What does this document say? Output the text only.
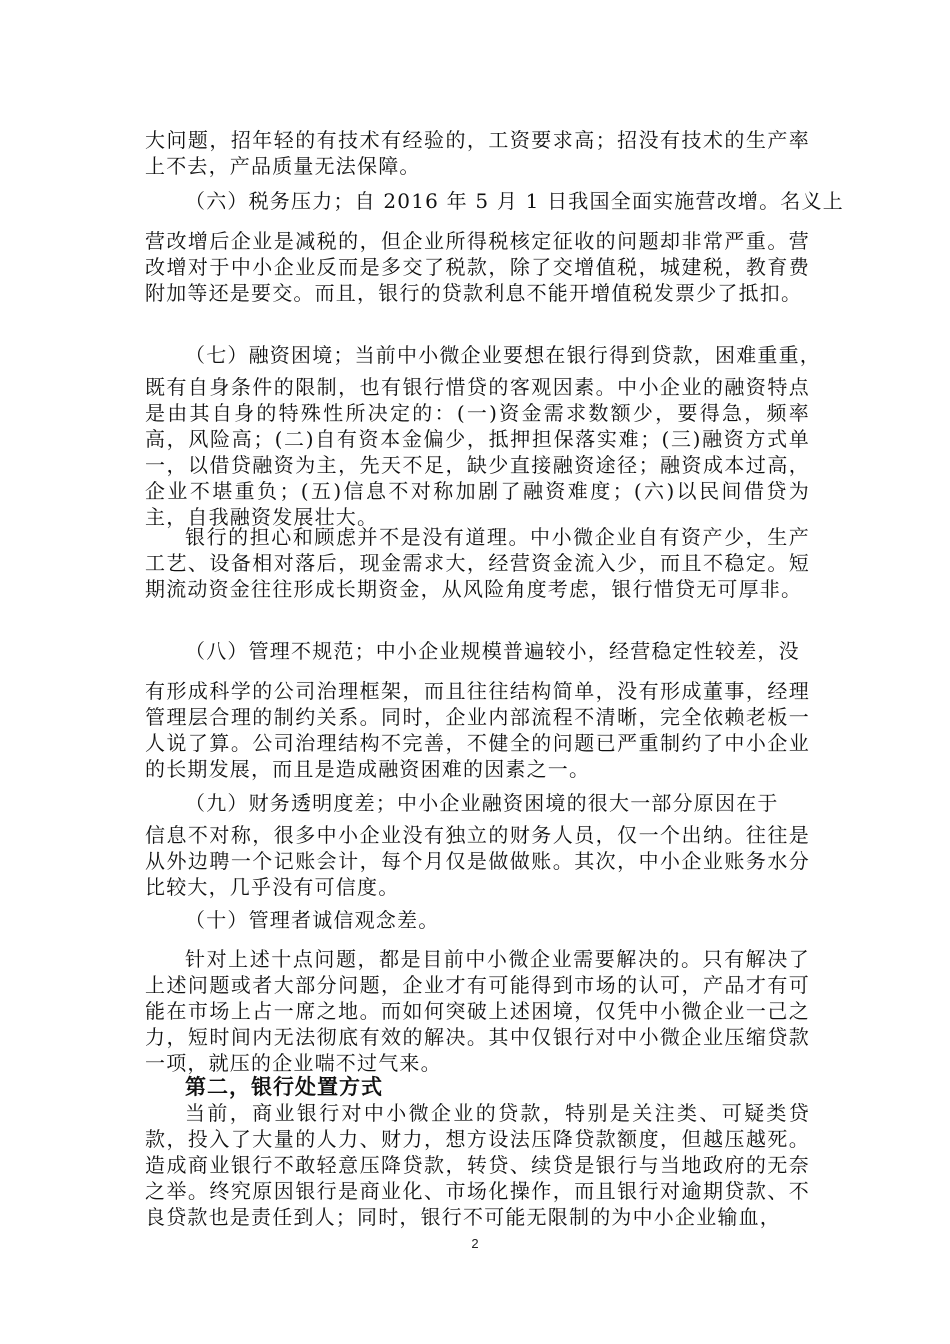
大问题，招年轻的有技术有经验的，工资要求高；招没有技术的生产率上不去，产品质量无法保障。

（六）税务压力；自 2016 年 5 月 1 日我国全面实施营改增。名义上

营改增后企业是减税的，但企业所得税核定征收的问题却非常严重。营改增对于中小企业反而是多交了税款，除了交增值税，城建税，教育费附加等还是要交。而且，银行的贷款利息不能开增值税发票少了抵扣。

（七）融资困境；当前中小微企业要想在银行得到贷款，困难重重，

既有自身条件的限制，也有银行惜贷的客观因素。中小企业的融资特点是由其自身的特殊性所决定的：(一)资金需求数额少，要得急，频率高，风险高；(二)自有资本金偏少，抵押担保落实难；(三)融资方式单一，以借贷融资为主，先天不足，缺少直接融资途径；融资成本过高，企业不堪重负；(五)信息不对称加剧了融资难度；(六)以民间借贷为主，自我融资发展壮大。

银行的担心和顾虑并不是没有道理。中小微企业自有资产少，生产工艺、设备相对落后，现金需求大，经营资金流入少，而且不稳定。短期流动资金往往形成长期资金，从风险角度考虑，银行惜贷无可厚非。

（八）管理不规范；中小企业规模普遍较小，经营稳定性较差，没

有形成科学的公司治理框架，而且往往结构简单，没有形成董事，经理管理层合理的制约关系。同时，企业内部流程不清晰，完全依赖老板一人说了算。公司治理结构不完善，不健全的问题已严重制约了中小企业的长期发展，而且是造成融资困难的因素之一。

（九）财务透明度差；中小企业融资困境的很大一部分原因在于

信息不对称，很多中小企业没有独立的财务人员，仅一个出纳。往往是从外边聘一个记账会计，每个月仅是做做账。其次，中小企业账务水分比较大，几乎没有可信度。

（十）管理者诚信观念差。

针对上述十点问题，都是目前中小微企业需要解决的。只有解决了上述问题或者大部分问题，企业才有可能得到市场的认可，产品才有可能在市场上占一席之地。而如何突破上述困境，仅凭中小微企业一己之力，短时间内无法彻底有效的解决。其中仅银行对中小微企业压缩贷款一项，就压的企业喘不过气来。

第二，银行处置方式

当前，商业银行对中小微企业的贷款，特别是关注类、可疑类贷款，投入了大量的人力、财力，想方设法压降贷款额度，但越压越死。造成商业银行不敢轻意压降贷款，转贷、续贷是银行与当地政府的无奈之举。终究原因银行是商业化、市场化操作，而且银行对逾期贷款、不良贷款也是责任到人；同时，银行不可能无限制的为中小企业输血，

2
